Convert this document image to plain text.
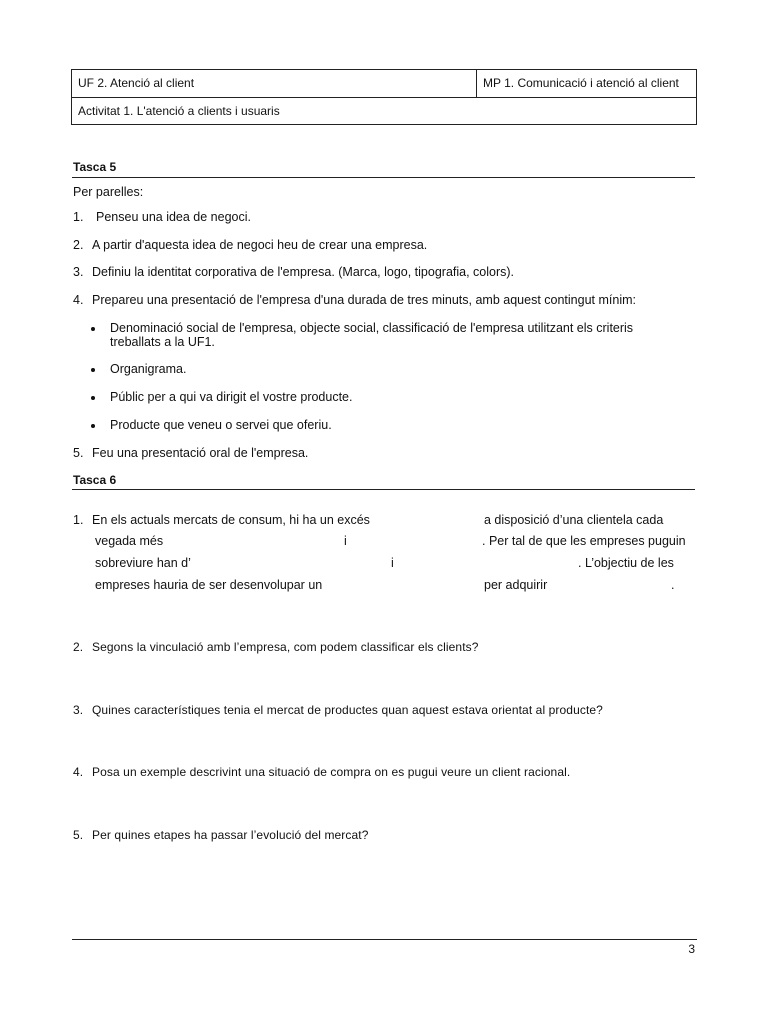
UF 2. Atenció al client	MP 1. Comunicació i atenció al client
Activitat 1. L'atenció a clients i usuaris
Tasca 5
Per parelles:
1. Penseu una idea de negoci.
2. A partir d'aquesta idea de negoci heu de crear una empresa.
3. Definiu la identitat corporativa de l'empresa. (Marca, logo, tipografia, colors).
4. Prepareu una presentació de l'empresa d'una durada de tres minuts, amb aquest contingut mínim:
Denominació social de l'empresa, objecte social, classificació de l'empresa utilitzant els criteris
treballats a la UF1.
Organigrama.
Públic per a qui va dirigit el vostre producte.
Producte que veneu o servei que oferiu.
5. Feu una presentació oral de l'empresa.
Tasca 6
1. En els actuals mercats de consum, hi ha un excés	a disposició d’una clientela cada
vegada més	i	. Per tal de que les empreses puguin
sobreviure han d’	i	. L’objectiu de les
empreses hauria de ser desenvolupar un	per adquirir	.
2. Segons la vinculació amb l’empresa, com podem classificar els clients?
3. Quines característiques tenia el mercat de productes quan aquest estava orientat al producte?
4. Posa un exemple descrivint una situació de compra on es pugui veure un client racional.
5. Per quines etapes ha passar l’evolució del mercat?
3
